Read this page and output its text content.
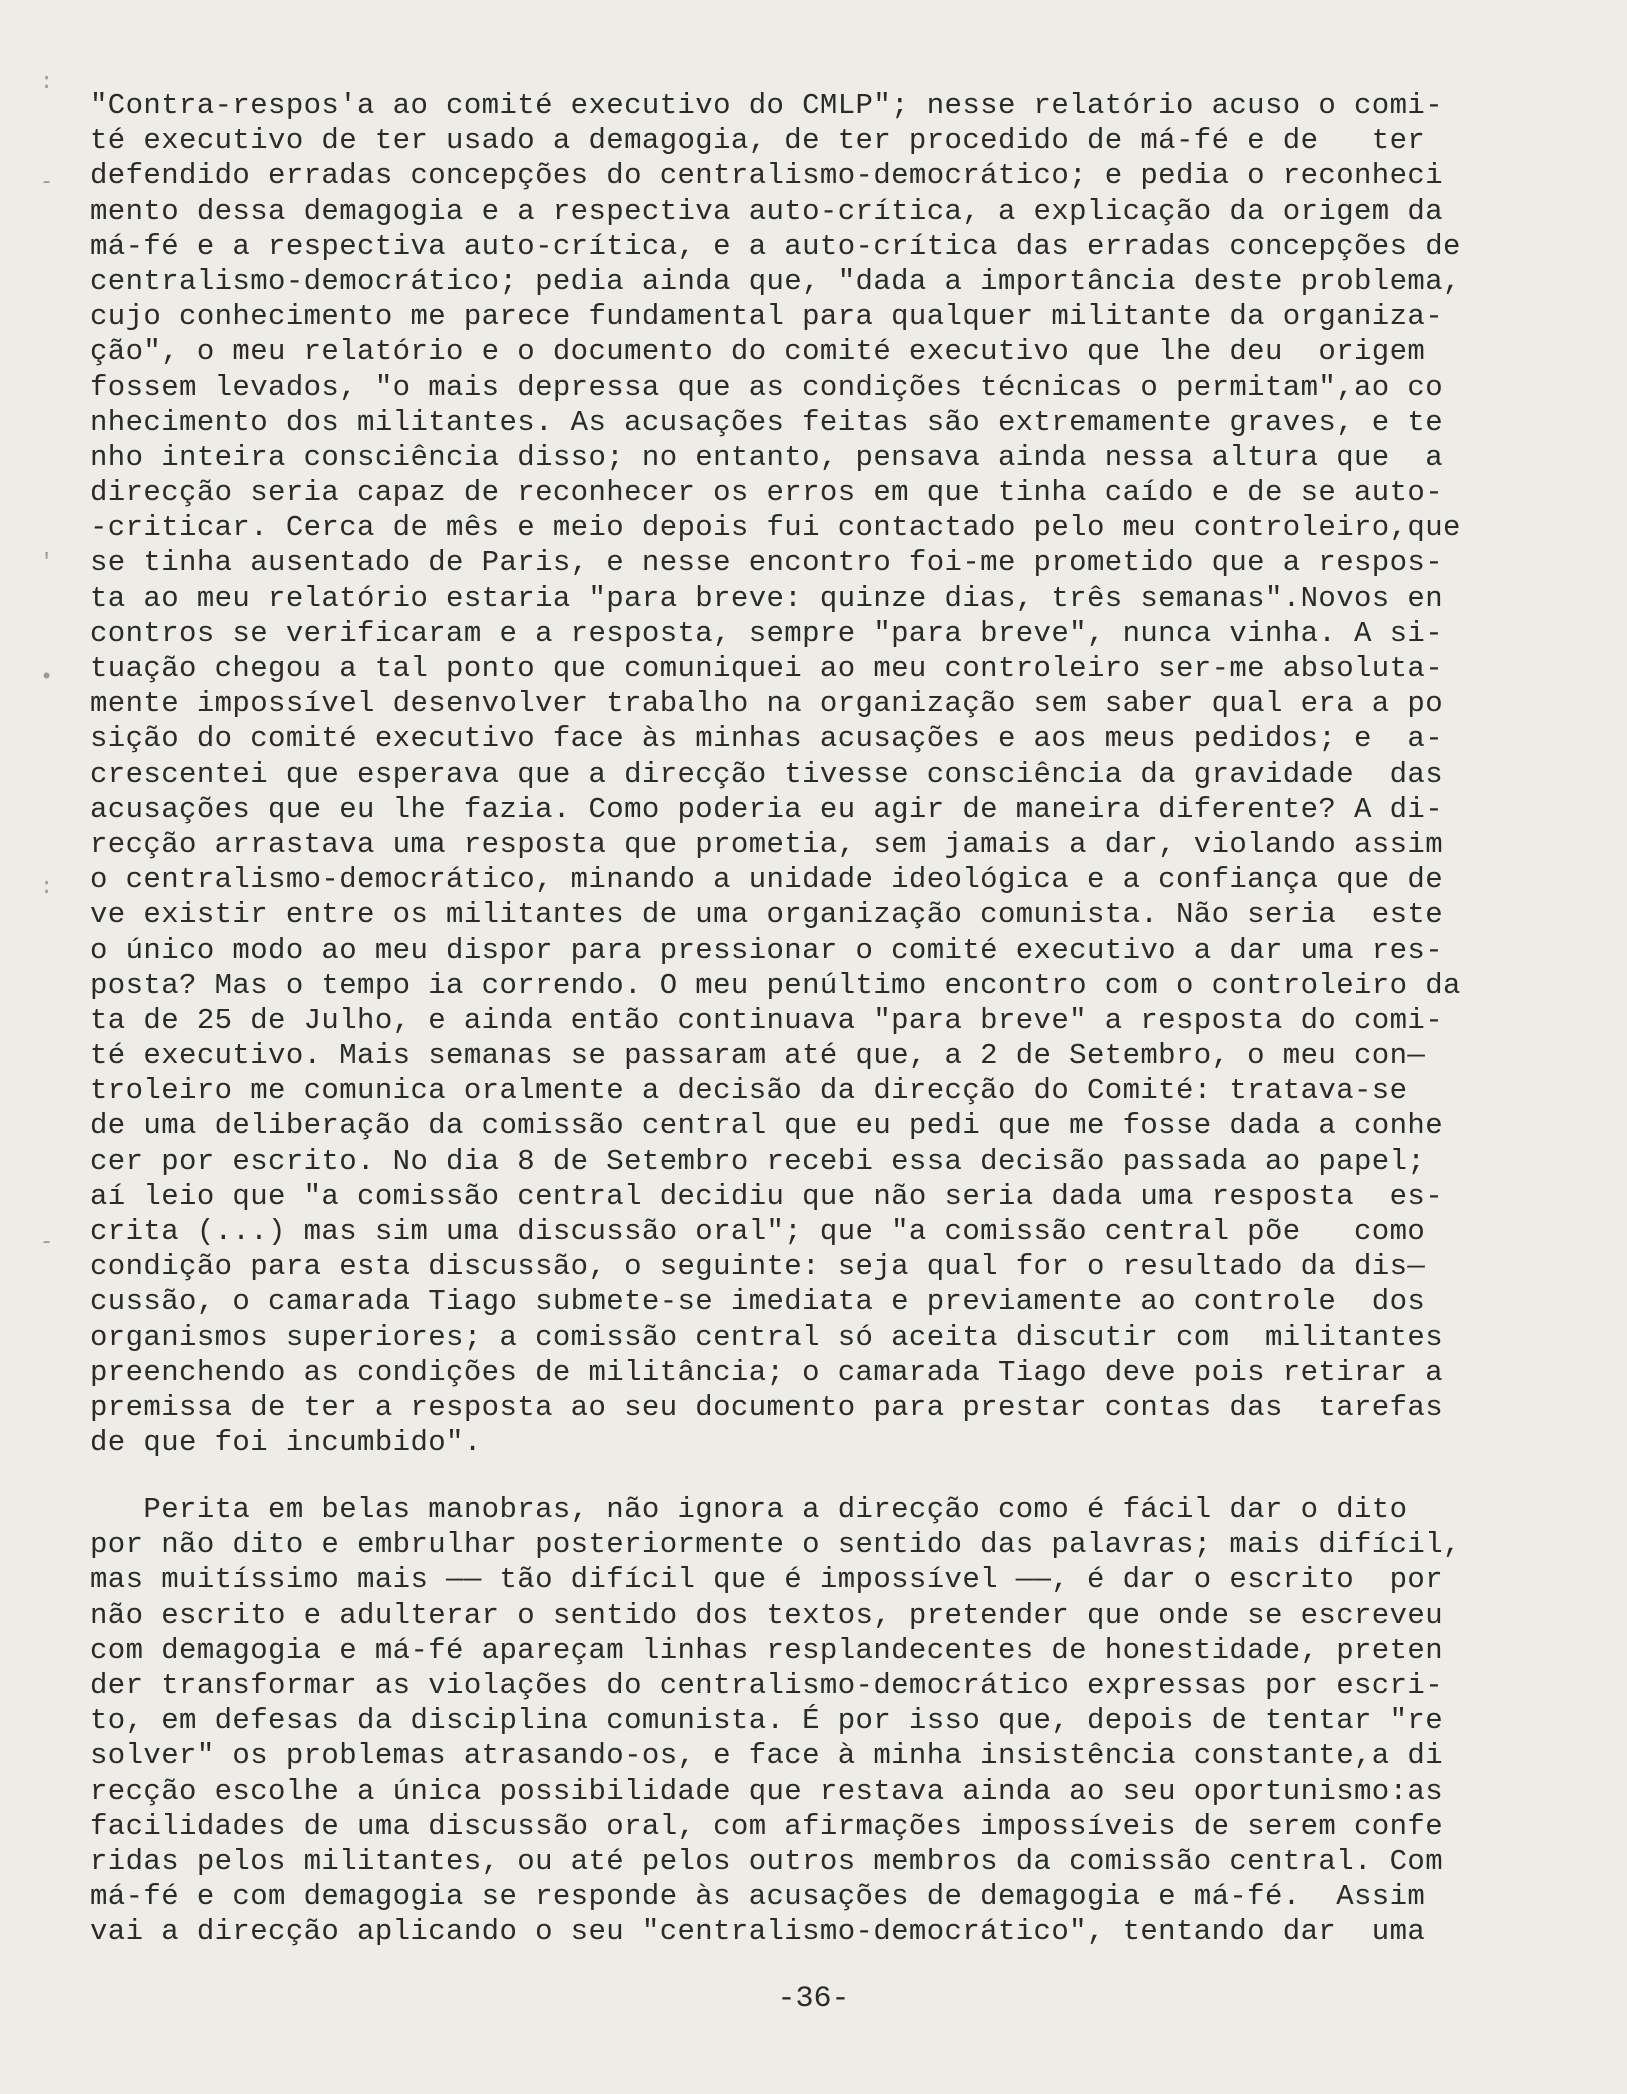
:
-
'
•
:
-
"Contra-respos'a ao comité executivo do CMLP"; nesse relatório acuso o comi-
té executivo de ter usado a demagogia, de ter procedido de má-fé e de   ter
defendido erradas concepções do centralismo-democrático; e pedia o reconheci
mento dessa demagogia e a respectiva auto-crítica, a explicação da origem da
má-fé e a respectiva auto-crítica, e a auto-crítica das erradas concepções de
centralismo-democrático; pedia ainda que, "dada a importância deste problema,
cujo conhecimento me parece fundamental para qualquer militante da organiza-
ção", o meu relatório e o documento do comité executivo que lhe deu  origem
fossem levados, "o mais depressa que as condições técnicas o permitam",ao co
nhecimento dos militantes. As acusações feitas são extremamente graves, e te
nho inteira consciência disso; no entanto, pensava ainda nessa altura que  a
direcção seria capaz de reconhecer os erros em que tinha caído e de se auto-
-criticar. Cerca de mês e meio depois fui contactado pelo meu controleiro,que
se tinha ausentado de Paris, e nesse encontro foi-me prometido que a respos-
ta ao meu relatório estaria "para breve: quinze dias, três semanas".Novos en
contros se verificaram e a resposta, sempre "para breve", nunca vinha. A si-
tuação chegou a tal ponto que comuniquei ao meu controleiro ser-me absoluta-
mente impossível desenvolver trabalho na organização sem saber qual era a po
sição do comité executivo face às minhas acusações e aos meus pedidos; e  a-
crescentei que esperava que a direcção tivesse consciência da gravidade  das
acusações que eu lhe fazia. Como poderia eu agir de maneira diferente? A di-
recção arrastava uma resposta que prometia, sem jamais a dar, violando assim
o centralismo-democrático, minando a unidade ideológica e a confiança que de
ve existir entre os militantes de uma organização comunista. Não seria  este
o único modo ao meu dispor para pressionar o comité executivo a dar uma res-
posta? Mas o tempo ia correndo. O meu penúltimo encontro com o controleiro da
ta de 25 de Julho, e ainda então continuava "para breve" a resposta do comi-
té executivo. Mais semanas se passaram até que, a 2 de Setembro, o meu con—
troleiro me comunica oralmente a decisão da direcção do Comité: tratava-se
de uma deliberação da comissão central que eu pedi que me fosse dada a conhe
cer por escrito. No dia 8 de Setembro recebi essa decisão passada ao papel;
aí leio que "a comissão central decidiu que não seria dada uma resposta  es-
crita (...) mas sim uma discussão oral"; que "a comissão central põe   como
condição para esta discussão, o seguinte: seja qual for o resultado da dis—
cussão, o camarada Tiago submete-se imediata e previamente ao controle  dos
organismos superiores; a comissão central só aceita discutir com  militantes
preenchendo as condições de militância; o camarada Tiago deve pois retirar a
premissa de ter a resposta ao seu documento para prestar contas das  tarefas
de que foi incumbido".
Perita em belas manobras, não ignora a direcção como é fácil dar o dito
por não dito e embrulhar posteriormente o sentido das palavras; mais difícil,
mas muitíssimo mais —— tão difícil que é impossível ——, é dar o escrito  por
não escrito e adulterar o sentido dos textos, pretender que onde se escreveu
com demagogia e má-fé apareçam linhas resplandecentes de honestidade, preten
der transformar as violações do centralismo-democrático expressas por escri-
to, em defesas da disciplina comunista. É por isso que, depois de tentar "re
solver" os problemas atrasando-os, e face à minha insistência constante,a di
recção escolhe a única possibilidade que restava ainda ao seu oportunismo:as
facilidades de uma discussão oral, com afirmações impossíveis de serem confe
ridas pelos militantes, ou até pelos outros membros da comissão central. Com
má-fé e com demagogia se responde às acusações de demagogia e má-fé.  Assim
vai a direcção aplicando o seu "centralismo-democrático", tentando dar  uma
-36-
